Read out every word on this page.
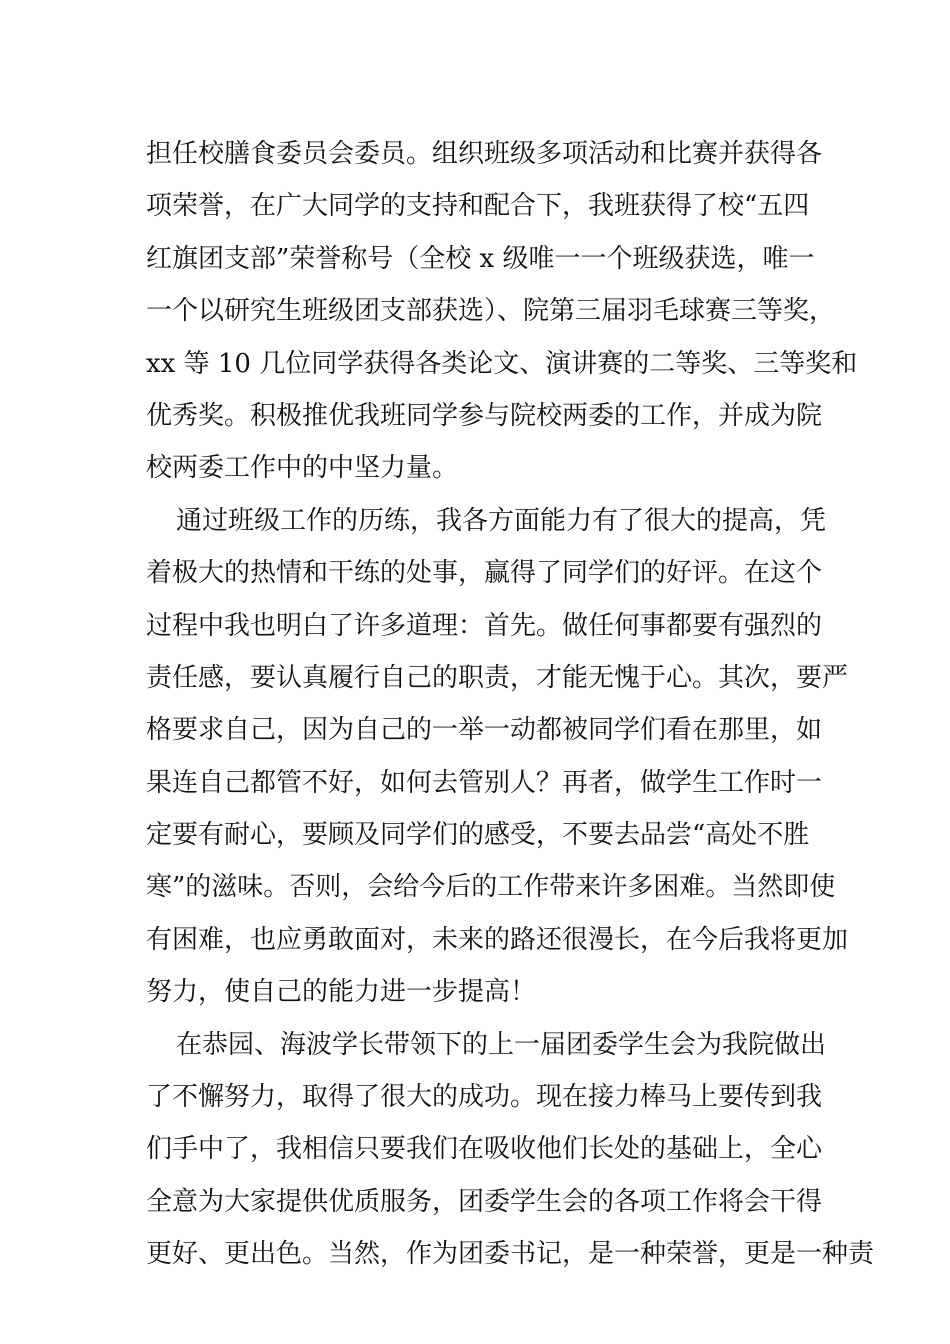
担任校膳食委员会委员。组织班级多项活动和比赛并获得各
项荣誉，在广大同学的支持和配合下，我班获得了校“五四
红旗团支部”荣誉称号（全校 x 级唯一一个班级获选，唯一
一个以研究生班级团支部获选）、院第三届羽毛球赛三等奖，
xx 等 10 几位同学获得各类论文、演讲赛的二等奖、三等奖和
优秀奖。积极推优我班同学参与院校两委的工作，并成为院
校两委工作中的中坚力量。
通过班级工作的历练，我各方面能力有了很大的提高，凭
着极大的热情和干练的处事，赢得了同学们的好评。在这个
过程中我也明白了许多道理：首先。做任何事都要有强烈的
责任感，要认真履行自己的职责，才能无愧于心。其次，要严
格要求自己，因为自己的一举一动都被同学们看在那里，如
果连自己都管不好，如何去管别人？再者，做学生工作时一
定要有耐心，要顾及同学们的感受，不要去品尝“高处不胜
寒”的滋味。否则，会给今后的工作带来许多困难。当然即使
有困难，也应勇敢面对，未来的路还很漫长，在今后我将更加
努力，使自己的能力进一步提高！
在恭园、海波学长带领下的上一届团委学生会为我院做出
了不懈努力，取得了很大的成功。现在接力棒马上要传到我
们手中了，我相信只要我们在吸收他们长处的基础上，全心
全意为大家提供优质服务，团委学生会的各项工作将会干得
更好、更出色。当然，作为团委书记，是一种荣誉，更是一种责
